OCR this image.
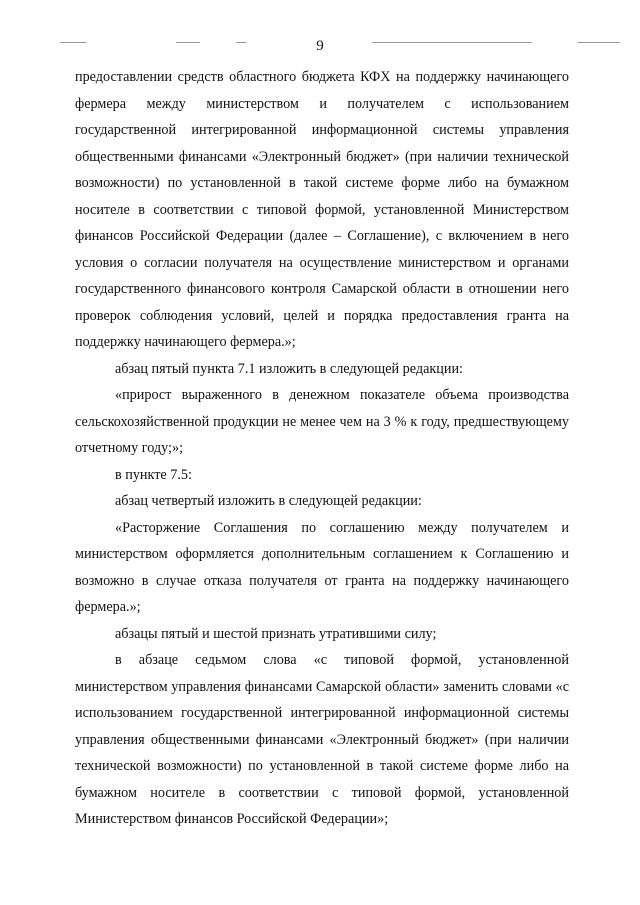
9

предоставлении средств областного бюджета КФХ на поддержку начинающего фермера между министерством и получателем с использованием государственной интегрированной информационной системы управления общественными финансами «Электронный бюджет» (при наличии технической возможности) по установленной в такой системе форме либо на бумажном носителе в соответствии с типовой формой, установленной Министерством финансов Российской Федерации (далее – Соглашение), с включением в него условия о согласии получателя на осуществление министерством и органами государственного финансового контроля Самарской области в отношении него проверок соблюдения условий, целей и порядка предоставления гранта на поддержку начинающего фермера.»;

абзац пятый пункта 7.1 изложить в следующей редакции:

«прирост выраженного в денежном показателе объема производства сельскохозяйственной продукции не менее чем на 3 % к году, предшествующему отчетному году;»;

в пункте 7.5:

абзац четвертый изложить в следующей редакции:

«Расторжение Соглашения по соглашению между получателем и министерством оформляется дополнительным соглашением к Соглашению и возможно в случае отказа получателя от гранта на поддержку начинающего фермера.»;

абзацы пятый и шестой признать утратившими силу;

в абзаце седьмом слова «с типовой формой, установленной министерством управления финансами Самарской области» заменить словами «с использованием государственной интегрированной информационной системы управления общественными финансами «Электронный бюджет» (при наличии технической возможности) по установленной в такой системе форме либо на бумажном носителе в соответствии с типовой формой, установленной Министерством финансов Российской Федерации»;
